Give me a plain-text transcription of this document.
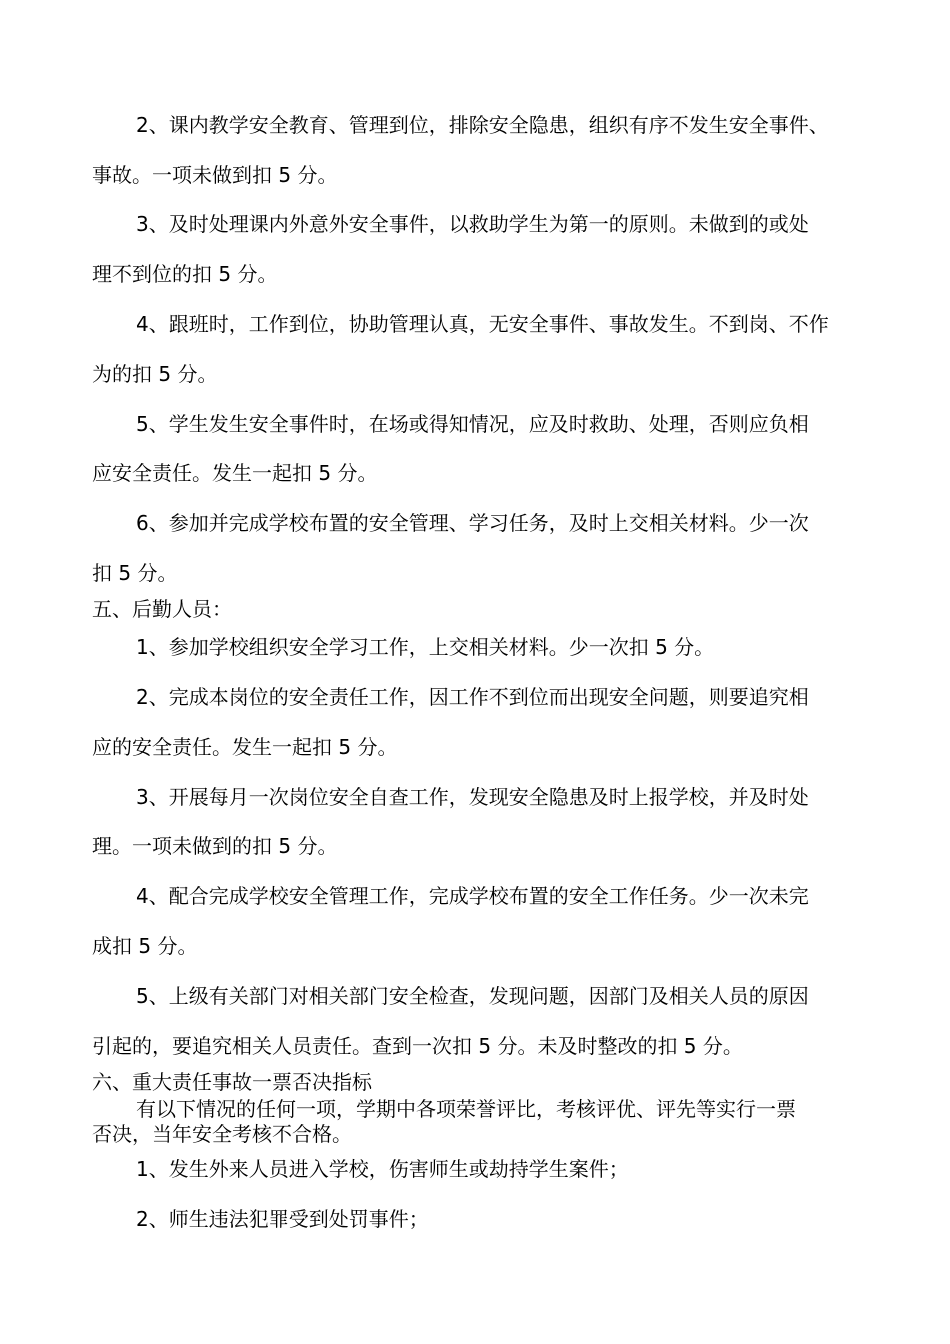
2、课内教学安全教育、管理到位，排除安全隐患，组织有序不发生安全事件、
事故。一项未做到扣 5 分。
3、及时处理课内外意外安全事件，以救助学生为第一的原则。未做到的或处
理不到位的扣 5 分。
4、跟班时，工作到位，协助管理认真，无安全事件、事故发生。不到岗、不作
为的扣 5 分。
5、学生发生安全事件时，在场或得知情况，应及时救助、处理，否则应负相
应安全责任。发生一起扣 5 分。
6、参加并完成学校布置的安全管理、学习任务，及时上交相关材料。少一次
扣 5 分。
五、后勤人员：
1、参加学校组织安全学习工作，上交相关材料。少一次扣 5 分。
2、完成本岗位的安全责任工作，因工作不到位而出现安全问题，则要追究相
应的安全责任。发生一起扣 5 分。
3、开展每月一次岗位安全自查工作，发现安全隐患及时上报学校，并及时处
理。一项未做到的扣 5 分。
4、配合完成学校安全管理工作，完成学校布置的安全工作任务。少一次未完
成扣 5 分。
5、上级有关部门对相关部门安全检查，发现问题，因部门及相关人员的原因
引起的，要追究相关人员责任。查到一次扣 5 分。未及时整改的扣 5 分。
六、重大责任事故一票否决指标
有以下情况的任何一项，学期中各项荣誉评比，考核评优、评先等实行一票
否决，当年安全考核不合格。
1、发生外来人员进入学校，伤害师生或劫持学生案件；
2、师生违法犯罪受到处罚事件；
